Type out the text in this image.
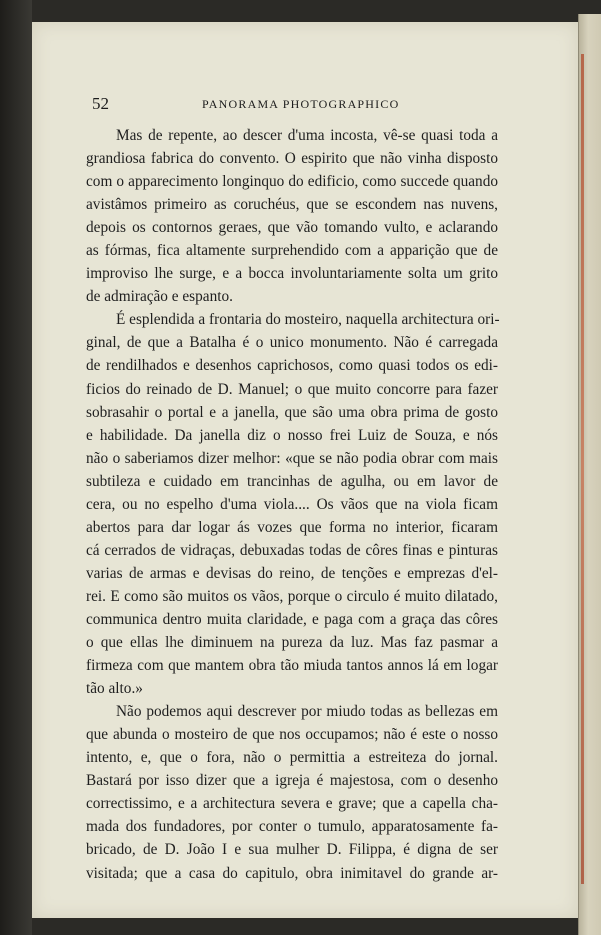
52	PANORAMA PHOTOGRAPHICO
Mas de repente, ao descer d'uma incosta, vê-se quasi toda a
grandiosa fabrica do convento. O espirito que não vinha disposto
com o apparecimento longinquo do edificio, como succede quando
avistâmos primeiro as coruchéus, que se escondem nas nuvens,
depois os contornos geraes, que vão tomando vulto, e aclarando
as fórmas, fica altamente surprehendido com a apparição que de
improviso lhe surge, e a bocca involuntariamente solta um grito
de admiração e espanto.
É esplendida a frontaria do mosteiro, naquella architectura ori-
ginal, de que a Batalha é o unico monumento. Não é carregada
de rendilhados e desenhos caprichosos, como quasi todos os edi-
ficios do reinado de D. Manuel; o que muito concorre para fazer
sobrasahir o portal e a janella, que são uma obra prima de gosto
e habilidade. Da janella diz o nosso frei Luiz de Souza, e nós
não o saberiamos dizer melhor: «que se não podia obrar com mais
subtileza e cuidado em trancinhas de agulha, ou em lavor de
cera, ou no espelho d'uma viola.... Os vãos que na viola ficam
abertos para dar logar ás vozes que forma no interior, ficaram
cá cerrados de vidraças, debuxadas todas de côres finas e pinturas
varias de armas e devisas do reino, de tenções e emprezas d'el-
rei. E como são muitos os vãos, porque o circulo é muito dilatado,
communica dentro muita claridade, e paga com a graça das côres
o que ellas lhe diminuem na pureza da luz. Mas faz pasmar a
firmeza com que mantem obra tão miuda tantos annos lá em logar
tão alto.»
Não podemos aqui descrever por miudo todas as bellezas em
que abunda o mosteiro de que nos occupamos; não é este o nosso
intento, e, que o fora, não o permittia a estreiteza do jornal.
Bastará por isso dizer que a igreja é majestosa, com o desenho
correctissimo, e a architectura severa e grave; que a capella cha-
mada dos fundadores, por conter o tumulo, apparatosamente fa-
bricado, de D. João I e sua mulher D. Filippa, é digna de ser
visitada; que a casa do capitulo, obra inimitavel do grande ar-
